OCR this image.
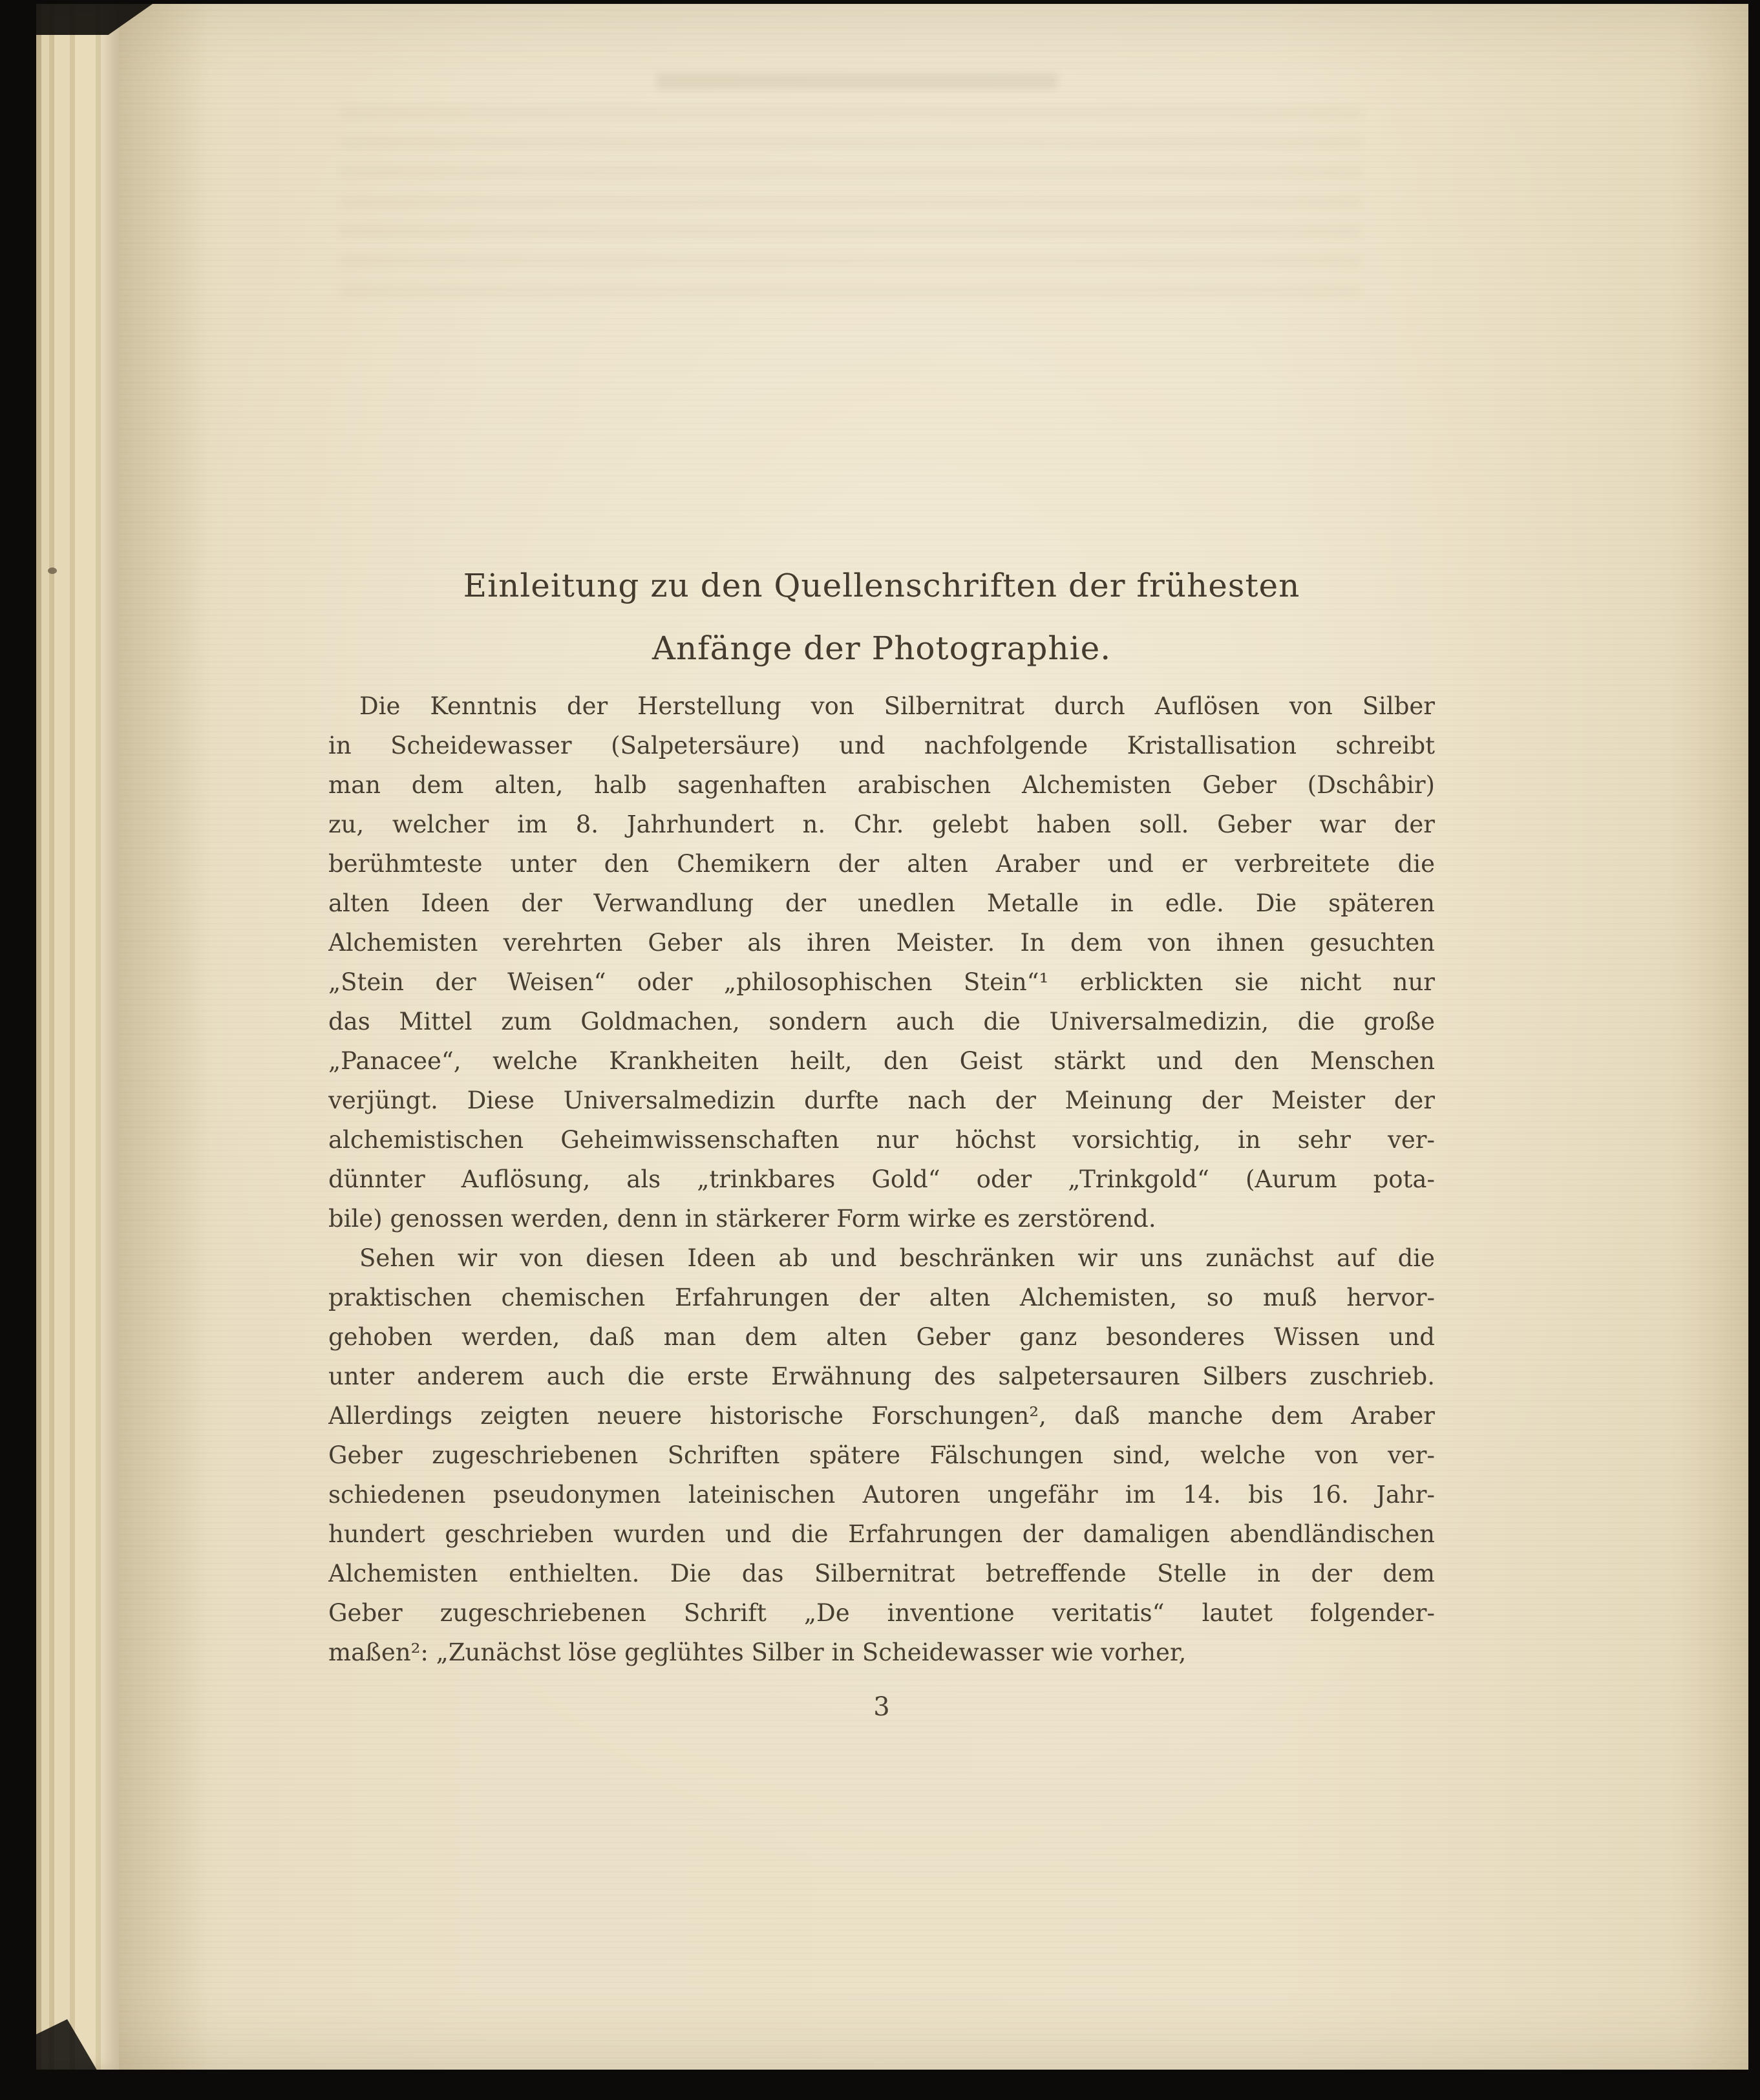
Einleitung zu den Quellenschriften der frühesten
Anfänge der Photographie.
Die Kenntnis der Herstellung von Silbernitrat durch Auflösen von Silber
in Scheidewasser (Salpetersäure) und nachfolgende Kristallisation schreibt
man dem alten, halb sagenhaften arabischen Alchemisten Geber (Dschâbir)
zu, welcher im 8. Jahrhundert n. Chr. gelebt haben soll. Geber war der
berühmteste unter den Chemikern der alten Araber und er verbreitete die
alten Ideen der Verwandlung der unedlen Metalle in edle. Die späteren
Alchemisten verehrten Geber als ihren Meister. In dem von ihnen gesuchten
„Stein der Weisen“ oder „philosophischen Stein“¹ erblickten sie nicht nur
das Mittel zum Goldmachen, sondern auch die Universalmedizin, die große
„Panacee“, welche Krankheiten heilt, den Geist stärkt und den Menschen
verjüngt. Diese Universalmedizin durfte nach der Meinung der Meister der
alchemistischen Geheimwissenschaften nur höchst vorsichtig, in sehr ver-
dünnter Auflösung, als „trinkbares Gold“ oder „Trinkgold“ (Aurum pota-
bile) genossen werden, denn in stärkerer Form wirke es zerstörend.
Sehen wir von diesen Ideen ab und beschränken wir uns zunächst auf die
praktischen chemischen Erfahrungen der alten Alchemisten, so muß hervor-
gehoben werden, daß man dem alten Geber ganz besonderes Wissen und
unter anderem auch die erste Erwähnung des salpetersauren Silbers zuschrieb.
Allerdings zeigten neuere historische Forschungen², daß manche dem Araber
Geber zugeschriebenen Schriften spätere Fälschungen sind, welche von ver-
schiedenen pseudonymen lateinischen Autoren ungefähr im 14. bis 16. Jahr-
hundert geschrieben wurden und die Erfahrungen der damaligen abendländischen
Alchemisten enthielten. Die das Silbernitrat betreffende Stelle in der dem
Geber zugeschriebenen Schrift „De inventione veritatis“ lautet folgender-
maßen²: „Zunächst löse geglühtes Silber in Scheidewasser wie vorher,
3
